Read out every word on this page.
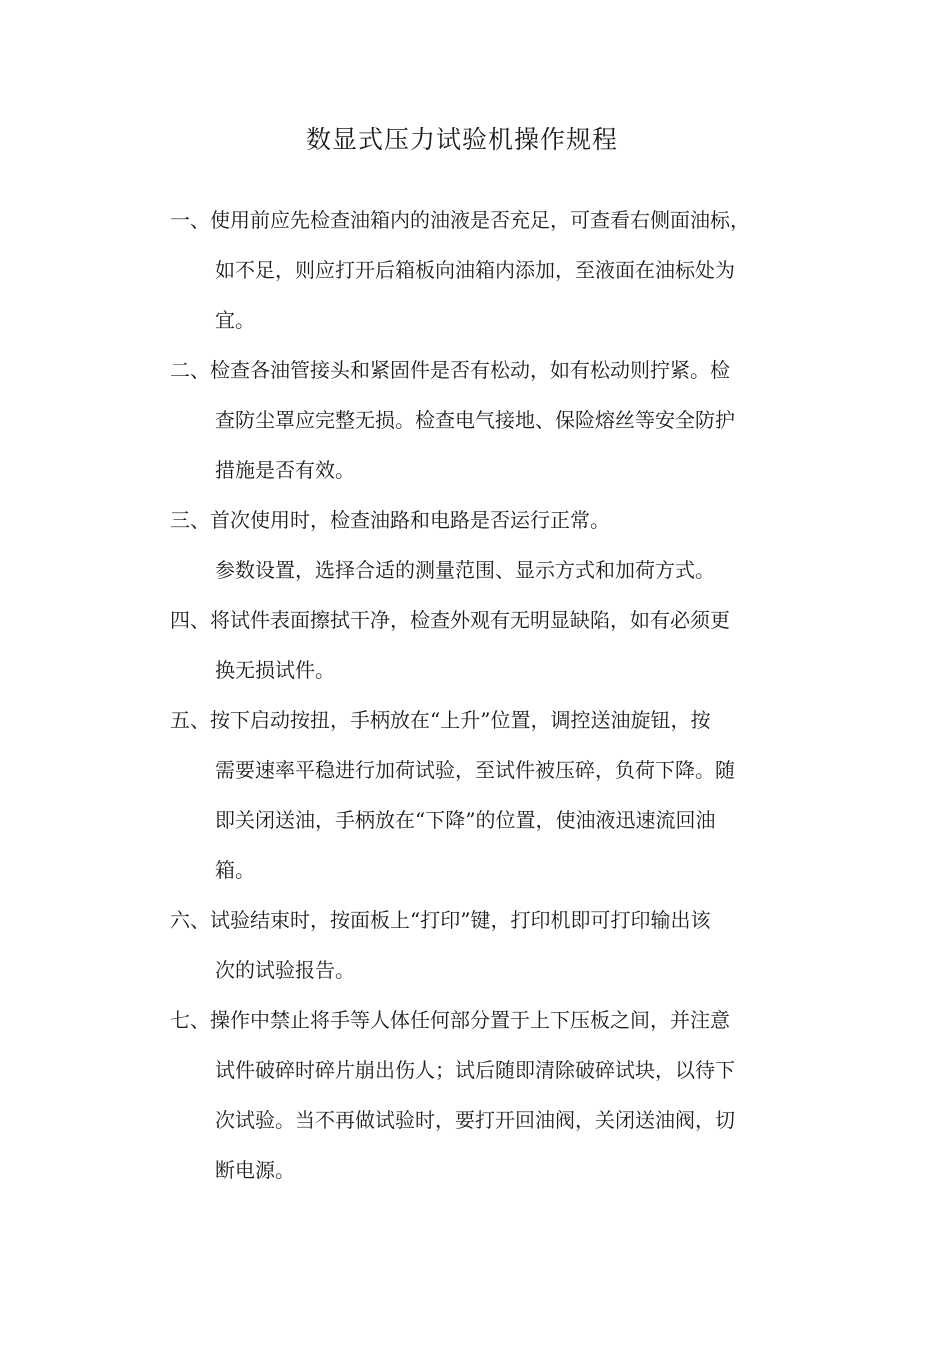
数显式压力试验机操作规程
一、使用前应先检查油箱内的油液是否充足，可查看右侧面油标，
如不足，则应打开后箱板向油箱内添加，至液面在油标处为
宜。
二、检查各油管接头和紧固件是否有松动，如有松动则拧紧。检
查防尘罩应完整无损。检查电气接地、保险熔丝等安全防护
措施是否有效。
三、首次使用时，检查油路和电路是否运行正常。
参数设置，选择合适的测量范围、显示方式和加荷方式。
四、将试件表面擦拭干净，检查外观有无明显缺陷，如有必须更
换无损试件。
五、按下启动按扭，手柄放在“上升”位置，调控送油旋钮，按
需要速率平稳进行加荷试验，至试件被压碎，负荷下降。随
即关闭送油，手柄放在“下降”的位置，使油液迅速流回油
箱。
六、试验结束时，按面板上“打印”键，打印机即可打印输出该
次的试验报告。
七、操作中禁止将手等人体任何部分置于上下压板之间，并注意
试件破碎时碎片崩出伤人；试后随即清除破碎试块，以待下
次试验。当不再做试验时，要打开回油阀，关闭送油阀，切
断电源。
